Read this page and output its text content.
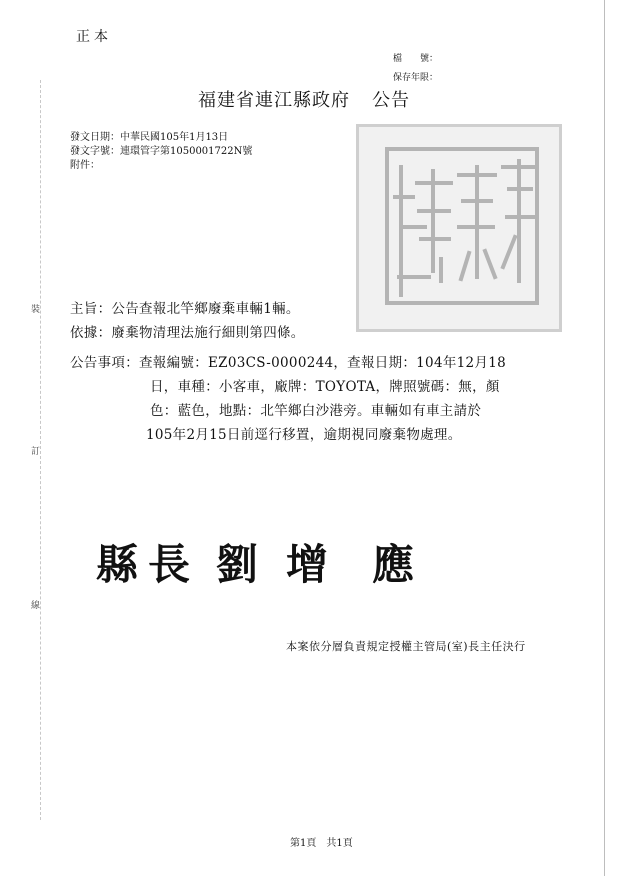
裝
訂
線
正本
檔　　號：
保存年限：
福建省連江縣政府 公告
發文日期：中華民國105年1月13日
發文字號：連環管字第1050001722N號
附件：
主旨：公告查報北竿鄉廢棄車輛1輛。
依據：廢棄物清理法施行細則第四條。
公告事項：查報編號：EZ03CS-0000244，查報日期：104年12月18
日，車種：小客車，廠牌：TOYOTA，牌照號碼：無，顏
色：藍色，地點：北竿鄉白沙港旁。車輛如有車主請於
105年2月15日前逕行移置，逾期視同廢棄物處理。
縣 長 劉 增 應
本案依分層負責規定授權主管局(室)長主任決行
第1頁 共1頁
